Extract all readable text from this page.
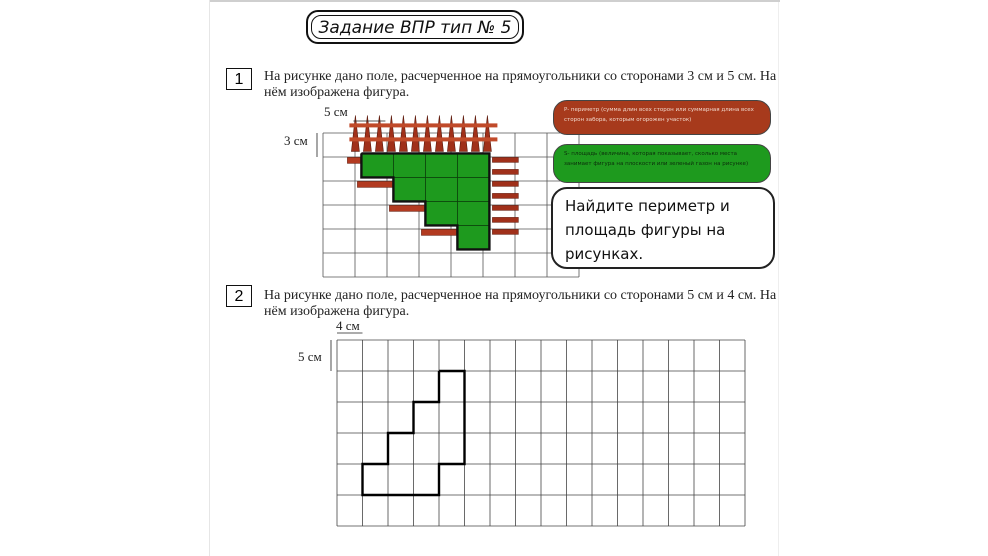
Задание ВПР тип № 5
1	На рисунке дано поле, расчерченное на прямоугольники со сторонами 3 см и 5 см. На
нём изображена фигура.
5 см
3 см
P- периметр (сумма длин всех сторон или суммарная длина всех сторон забора, которым огорожен участок)
S- площадь (величина, которая показывает, сколько места занимает фигура на плоскости или зеленый газон на рисунке)
Найдите периметр и площадь фигуры на рисунках.
2	На рисунке дано поле, расчерченное на прямоугольники со сторонами 5 см и 4 см. На
нём изображена фигура.
4 см
5 см
